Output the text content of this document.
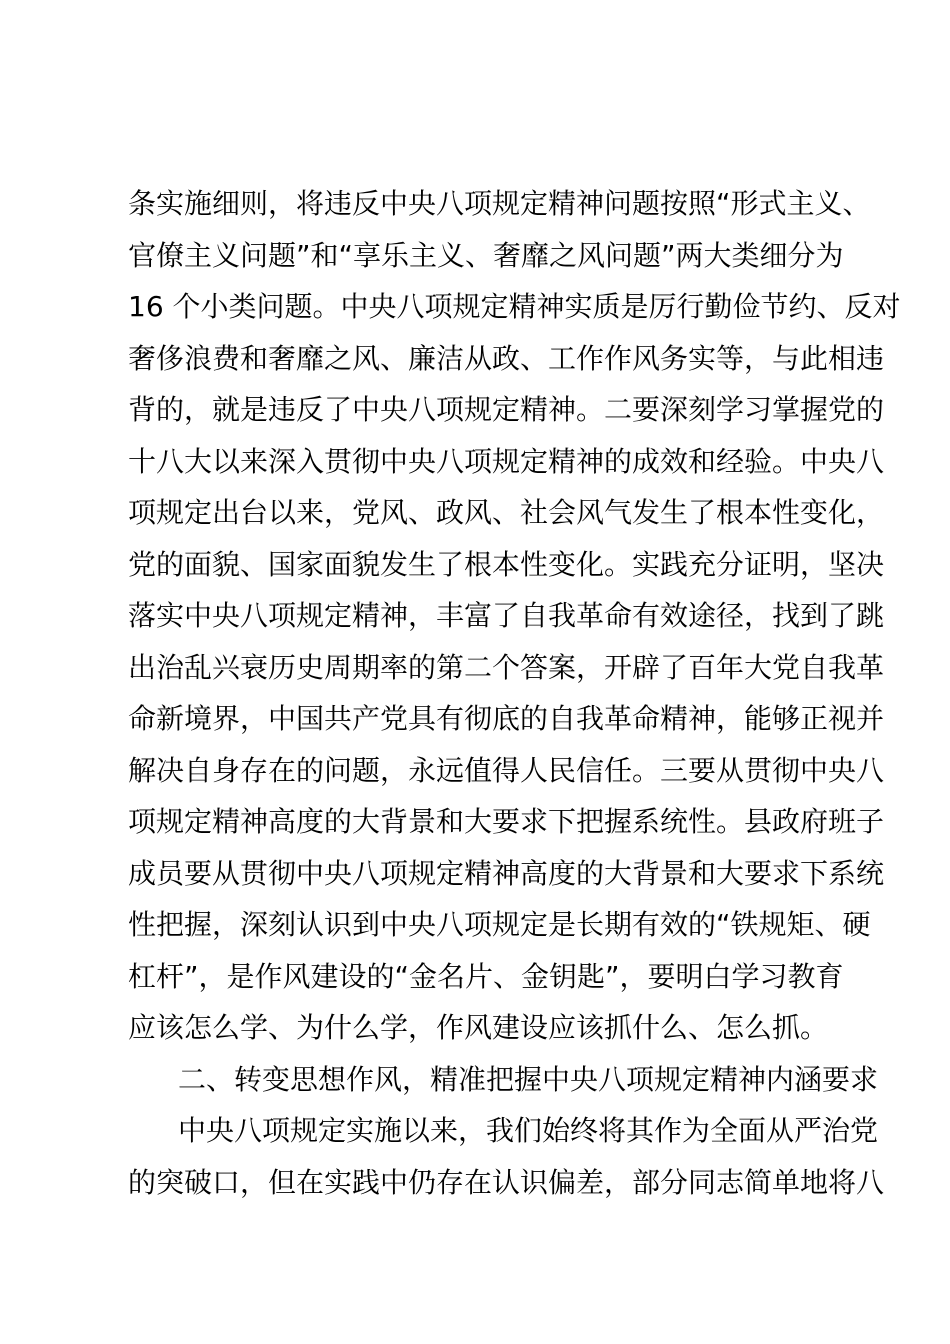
条实施细则，将违反中央八项规定精神问题按照“形式主义、
官僚主义问题”和“享乐主义、奢靡之风问题”两大类细分为
16 个小类问题。中央八项规定精神实质是厉行勤俭节约、反对
奢侈浪费和奢靡之风、廉洁从政、工作作风务实等，与此相违
背的，就是违反了中央八项规定精神。二要深刻学习掌握党的
十八大以来深入贯彻中央八项规定精神的成效和经验。中央八
项规定出台以来，党风、政风、社会风气发生了根本性变化，
党的面貌、国家面貌发生了根本性变化。实践充分证明，坚决
落实中央八项规定精神，丰富了自我革命有效途径，找到了跳
出治乱兴衰历史周期率的第二个答案，开辟了百年大党自我革
命新境界，中国共产党具有彻底的自我革命精神，能够正视并
解决自身存在的问题，永远值得人民信任。三要从贯彻中央八
项规定精神高度的大背景和大要求下把握系统性。县政府班子
成员要从贯彻中央八项规定精神高度的大背景和大要求下系统
性把握，深刻认识到中央八项规定是长期有效的“铁规矩、硬
杠杆”，是作风建设的“金名片、金钥匙”，要明白学习教育
应该怎么学、为什么学，作风建设应该抓什么、怎么抓。
二、转变思想作风，精准把握中央八项规定精神内涵要求
中央八项规定实施以来，我们始终将其作为全面从严治党
的突破口，但在实践中仍存在认识偏差，部分同志简单地将八
